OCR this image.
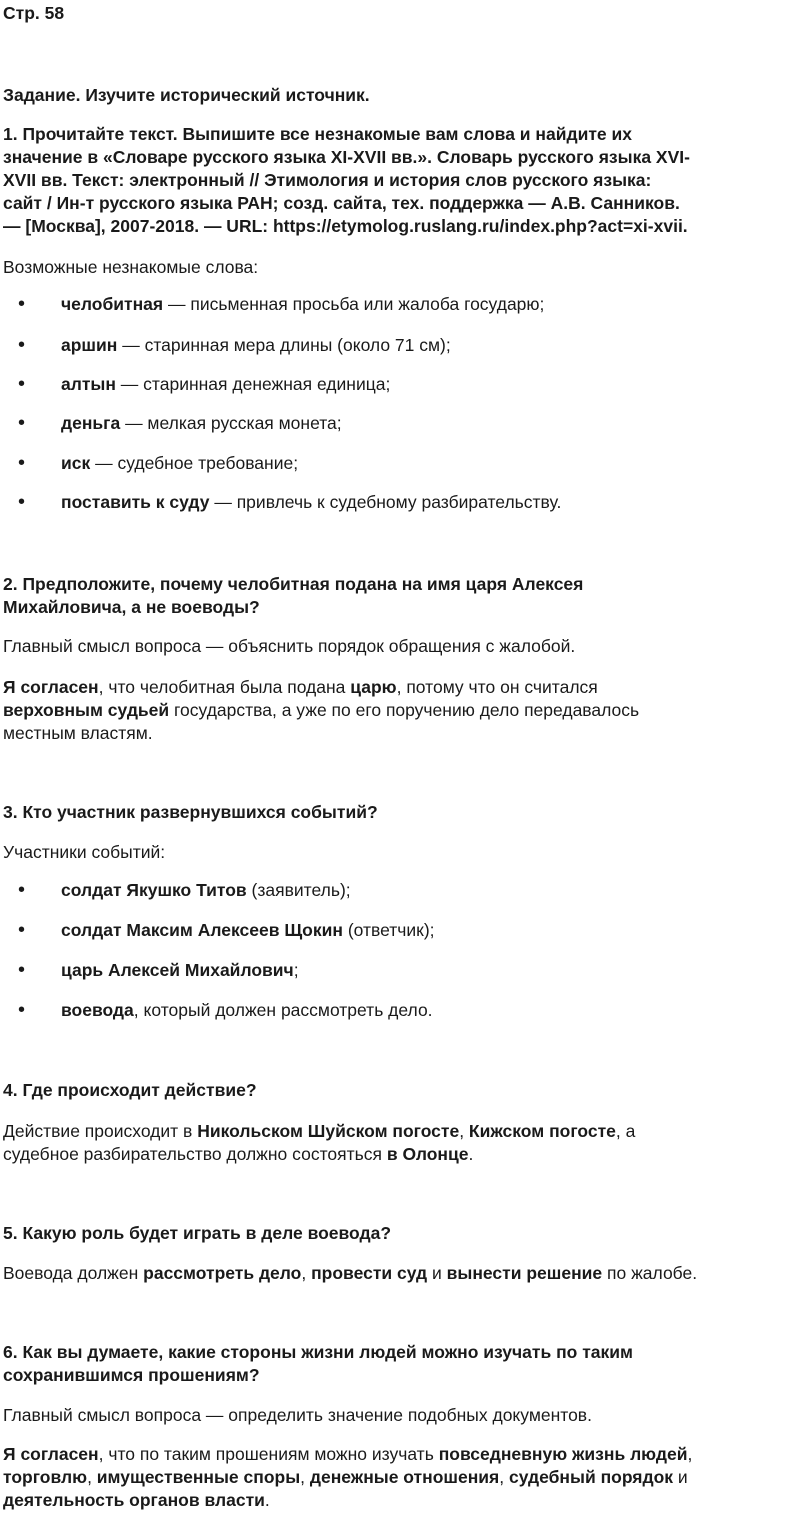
Стр. 58
Задание. Изучите исторический источник.
1. Прочитайте текст. Выпишите все незнакомые вам слова и найдите их
значение в «Словаре русского языка XI-XVII вв.». Словарь русского языка XVI-
XVII вв. Текст: электронный // Этимология и история слов русского языка:
сайт / Ин-т русского языка РАН; созд. сайта, тех. поддержка — А.В. Санников.
— [Москва], 2007-2018. — URL: https://etymolog.ruslang.ru/index.php?act=xi-xvii.

Возможные незнакомые слова:

• челобитная — письменная просьба или жалоба государю;
• аршин — старинная мера длины (около 71 см);
• алтын — старинная денежная единица;
• деньга — мелкая русская монета;
• иск — судебное требование;
• поставить к суду — привлечь к судебному разбирательству.
2. Предположите, почему челобитная подана на имя царя Алексея
Михайловича, а не воеводы?

Главный смысл вопроса — объяснить порядок обращения с жалобой.

Я согласен, что челобитная была подана царю, потому что он считался
верховным судьей государства, а уже по его поручению дело передавалось
местным властям.
3. Кто участник развернувшихся событий?

Участники событий:

• солдат Якушко Титов (заявитель);
• солдат Максим Алексеев Щокин (ответчик);
• царь Алексей Михайлович;
• воевода, который должен рассмотреть дело.
4. Где происходит действие?
Действие происходит в Никольском Шуйском погосте, Кижском погосте, а
судебное разбирательство должно состояться в Олонце.
5. Какую роль будет играть в деле воевода?
Воевода должен рассмотреть дело, провести суд и вынести решение по жалобе.
6. Как вы думаете, какие стороны жизни людей можно изучать по таким
сохранившимся прошениям?

Главный смысл вопроса — определить значение подобных документов.

Я согласен, что по таким прошениям можно изучать повседневную жизнь людей,
торговлю, имущественные споры, денежные отношения, судебный порядок и
деятельность органов власти.
